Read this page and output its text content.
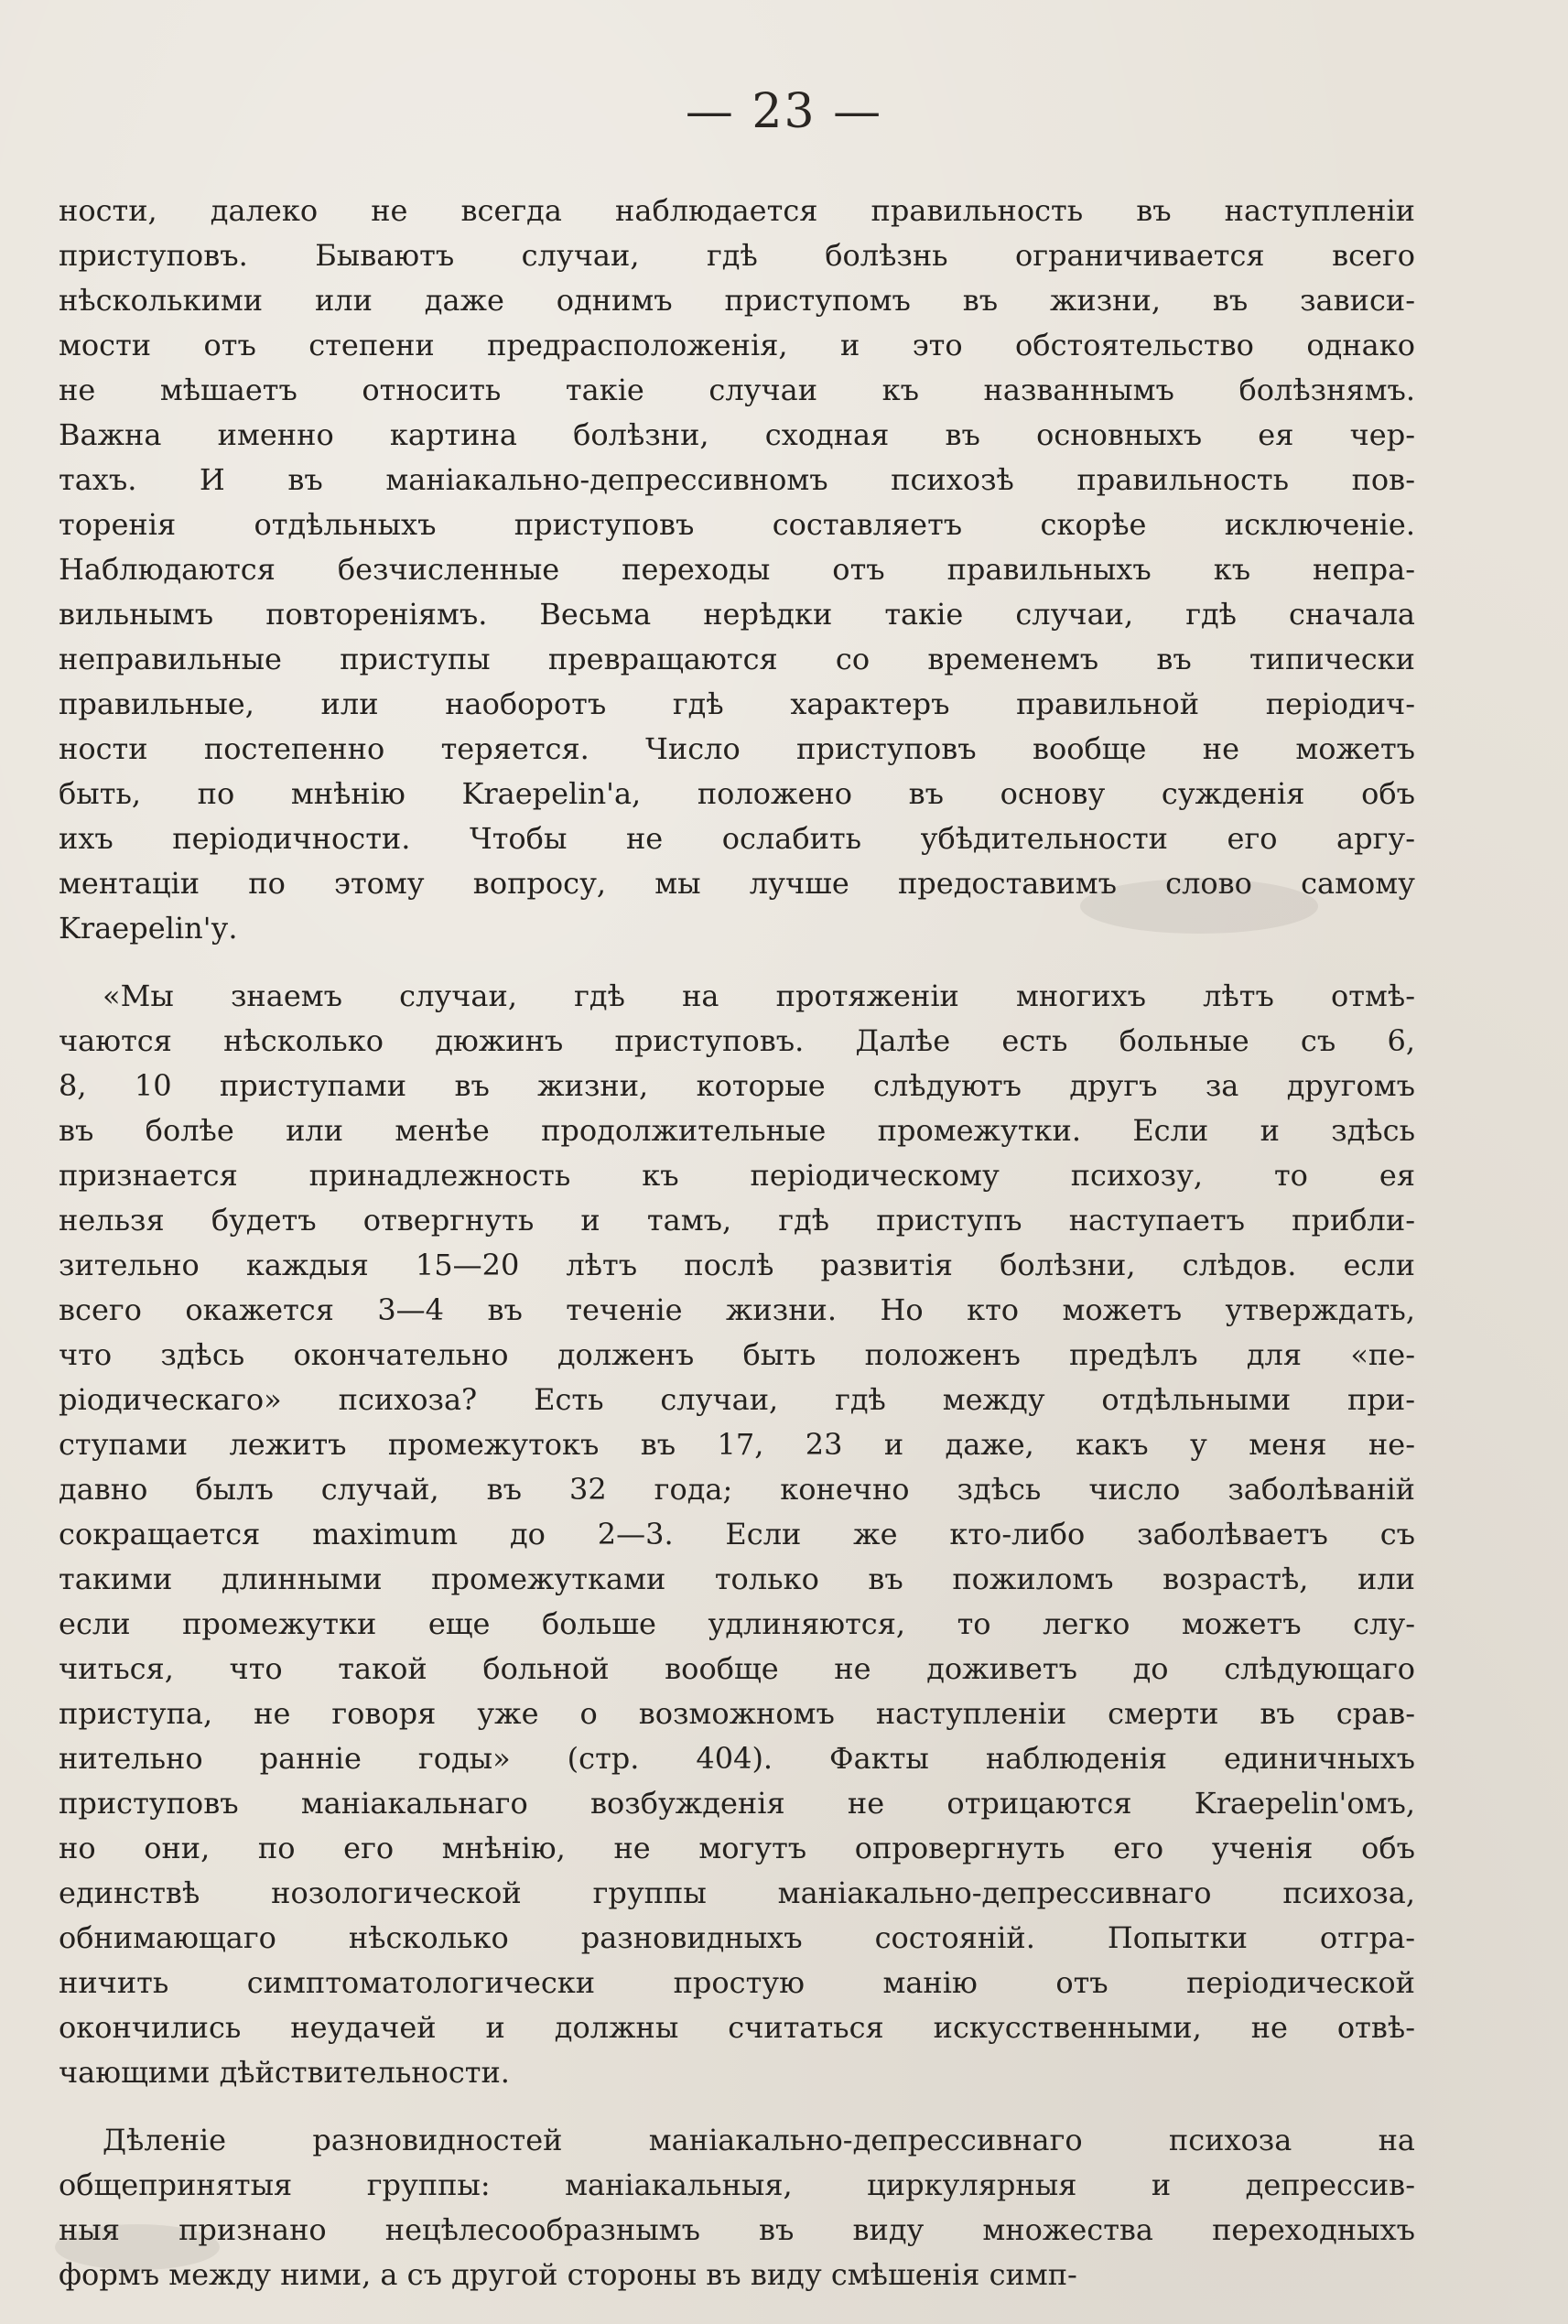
— 23 —
ности, далеко не всегда наблюдается правильность въ наступленіи
приступовъ. Бываютъ случаи, гдѣ болѣзнь ограничивается всего
нѣсколькими или даже однимъ приступомъ въ жизни, въ зависи-
мости отъ степени предрасположенія, и это обстоятельство однако
не мѣшаетъ относить такіе случаи къ названнымъ болѣзнямъ.
Важна именно картина болѣзни, сходная въ основныхъ ея чер-
тахъ. И въ маніакально-депрессивномъ психозѣ правильность пов-
торенія отдѣльныхъ приступовъ составляетъ скорѣе исключеніе.
Наблюдаются безчисленные переходы отъ правильныхъ къ непра-
вильнымъ повтореніямъ. Весьма нерѣдки такіе случаи, гдѣ сначала
неправильные приступы превращаются со временемъ въ типически
правильные, или наоборотъ гдѣ характеръ правильной періодич-
ности постепенно теряется. Число приступовъ вообще не можетъ
быть, по мнѣнію Kraepelin'а, положено въ основу сужденія объ
ихъ періодичности. Чтобы не ослабить убѣдительности его аргу-
ментаціи по этому вопросу, мы лучше предоставимъ слово самому
Kraepelin'у.
«Мы знаемъ случаи, гдѣ на протяженіи многихъ лѣтъ отмѣ-
чаются нѣсколько дюжинъ приступовъ. Далѣе есть больные съ 6,
8, 10 приступами въ жизни, которые слѣдуютъ другъ за другомъ
въ болѣе или менѣе продолжительные промежутки. Если и здѣсь
признается принадлежность къ періодическому психозу, то ея
нельзя будетъ отвергнуть и тамъ, гдѣ приступъ наступаетъ прибли-
зительно каждыя 15—20 лѣтъ послѣ развитія болѣзни, слѣдов. если
всего окажется 3—4 въ теченіе жизни. Но кто можетъ утверждать,
что здѣсь окончательно долженъ быть положенъ предѣлъ для «пе-
ріодическаго» психоза? Есть случаи, гдѣ между отдѣльными при-
ступами лежитъ промежутокъ въ 17, 23 и даже, какъ у меня не-
давно былъ случай, въ 32 года; конечно здѣсь число заболѣваній
сокращается maximum до 2—3. Если же кто-либо заболѣваетъ съ
такими длинными промежутками только въ пожиломъ возрастѣ, или
если промежутки еще больше удлиняются, то легко можетъ слу-
читься, что такой больной вообще не доживетъ до слѣдующаго
приступа, не говоря уже о возможномъ наступленіи смерти въ срав-
нительно ранніе годы» (стр. 404). Факты наблюденія единичныхъ
приступовъ маніакальнаго возбужденія не отрицаются Kraepelin'омъ,
но они, по его мнѣнію, не могутъ опровергнуть его ученія объ
единствѣ нозологической группы маніакально-депрессивнаго психоза,
обнимающаго нѣсколько разновидныхъ состояній. Попытки отгра-
ничить симптоматологически простую манію отъ періодической
окончились неудачей и должны считаться искусственными, не отвѣ-
чающими дѣйствительности.
Дѣленіе разновидностей маніакально-депрессивнаго психоза на
общепринятыя группы: маніакальныя, циркулярныя и депрессив-
ныя признано нецѣлесообразнымъ въ виду множества переходныхъ
формъ между ними, а съ другой стороны въ виду смѣшенія симп-
